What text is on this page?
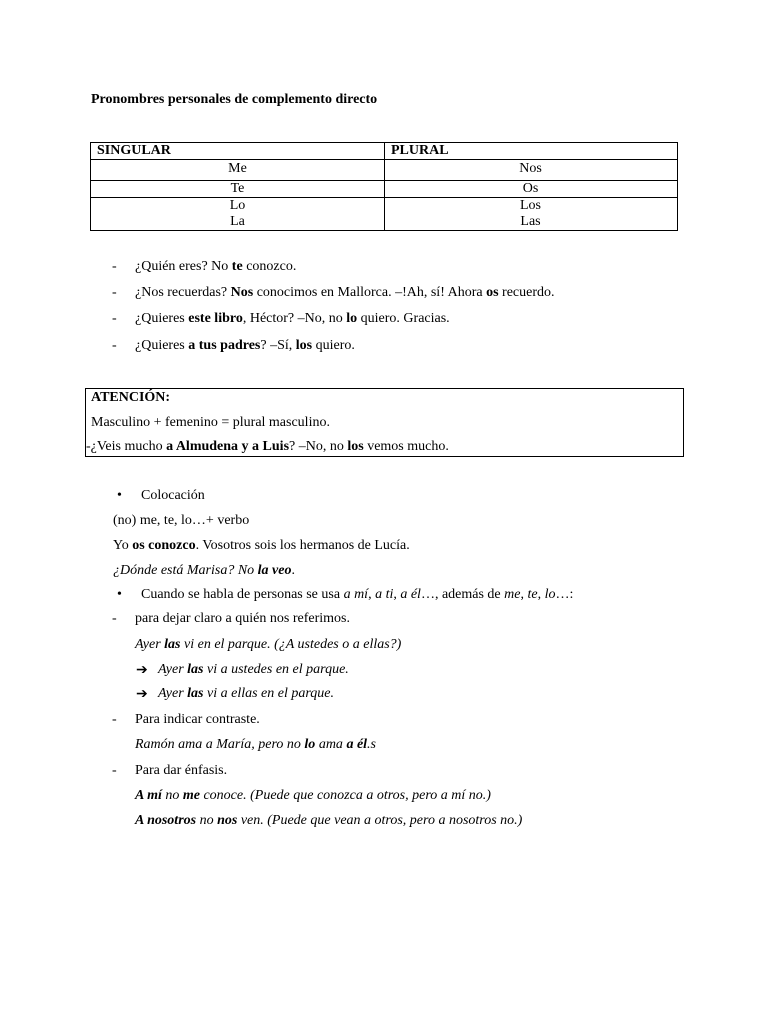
Pronombres personales de complemento directo
SINGULAR	PLURAL
Me	Nos
Te	Os
Lo	Los
La	Las
- ¿Quién eres? No te conozco.
- ¿Nos recuerdas? Nos conocimos en Mallorca. –!Ah, sí! Ahora os recuerdo.
- ¿Quieres este libro, Héctor? –No, no lo quiero. Gracias.
- ¿Quieres a tus padres? –Sí, los quiero.
ATENCIÓN:
Masculino + femenino = plural masculino.
-¿Veis mucho a Almudena y a Luis? –No, no los vemos mucho.
• Colocación
(no) me, te, lo…+ verbo
Yo os conozco. Vosotros sois los hermanos de Lucía.
¿Dónde está Marisa? No la veo.
• Cuando se habla de personas se usa a mí, a ti, a él…, además de me, te, lo…:
- para dejar claro a quién nos referimos.
Ayer las vi en el parque. (¿A ustedes o a ellas?)
➔ Ayer las vi a ustedes en el parque.
➔ Ayer las vi a ellas en el parque.
- Para indicar contraste.
Ramón ama a María, pero no lo ama a él.s
- Para dar énfasis.
A mí no me conoce. (Puede que conozca a otros, pero a mí no.)
A nosotros no nos ven. (Puede que vean a otros, pero a nosotros no.)
